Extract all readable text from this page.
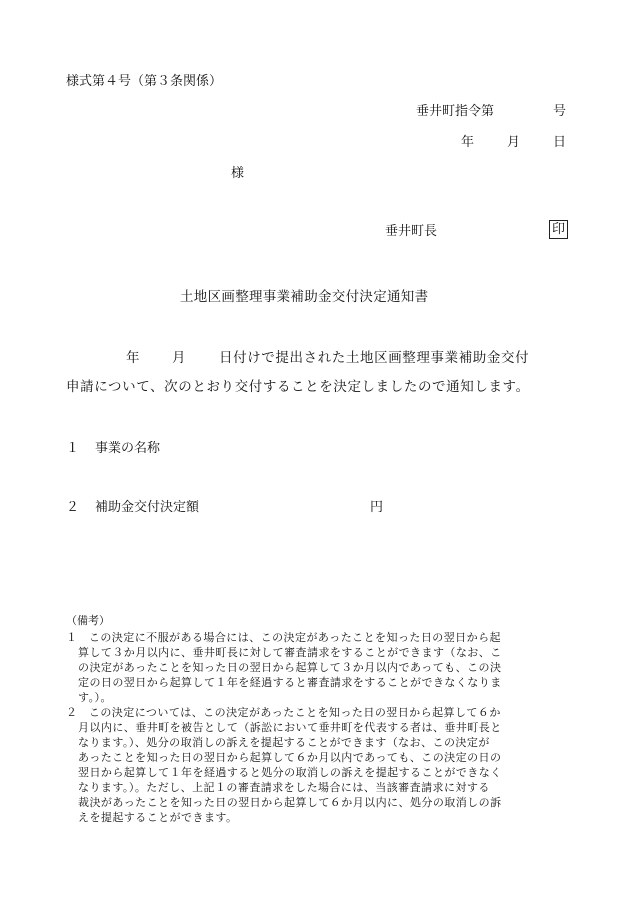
様式第４号（第３条関係）
垂井町指令第	号
年	月	日
様
垂井町長	印
土地区画整理事業補助金交付決定通知書
年 月 日付けで提出された土地区画整理事業補助金交付
申請について、次のとおり交付することを決定しましたので通知します。
１ 事業の名称
２ 補助金交付決定額	円
（備考）
１　この決定に不服がある場合には、この決定があったことを知った日の翌日から起
算して３か月以内に、垂井町長に対して審査請求をすることができます（なお、こ
の決定があったことを知った日の翌日から起算して３か月以内であっても、この決
定の日の翌日から起算して１年を経過すると審査請求をすることができなくなりま
す。）。
２　この決定については、この決定があったことを知った日の翌日から起算して６か
月以内に、垂井町を被告として（訴訟において垂井町を代表する者は、垂井町長と
なります。）、処分の取消しの訴えを提起することができます（なお、この決定が
あったことを知った日の翌日から起算して６か月以内であっても、この決定の日の
翌日から起算して１年を経過すると処分の取消しの訴えを提起することができなく
なります。）。ただし、上記１の審査請求をした場合には、当該審査請求に対する
裁決があったことを知った日の翌日から起算して６か月以内に、処分の取消しの訴
えを提起することができます。
